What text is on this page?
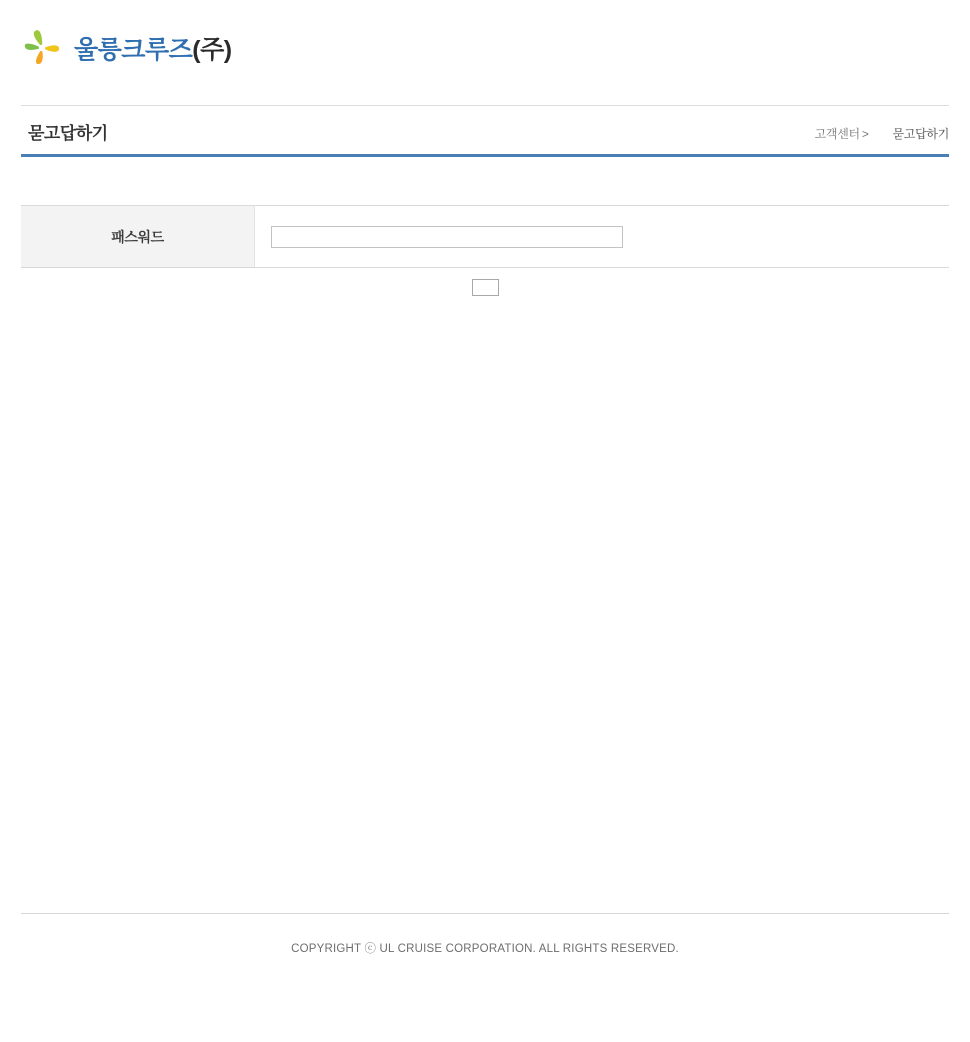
울릉크루즈(주)
묻고답하기	고객센터 > 묻고답하기
패스워드	
COPYRIGHT ⓒ UL CRUISE CORPORATION. ALL RIGHTS RESERVED.
